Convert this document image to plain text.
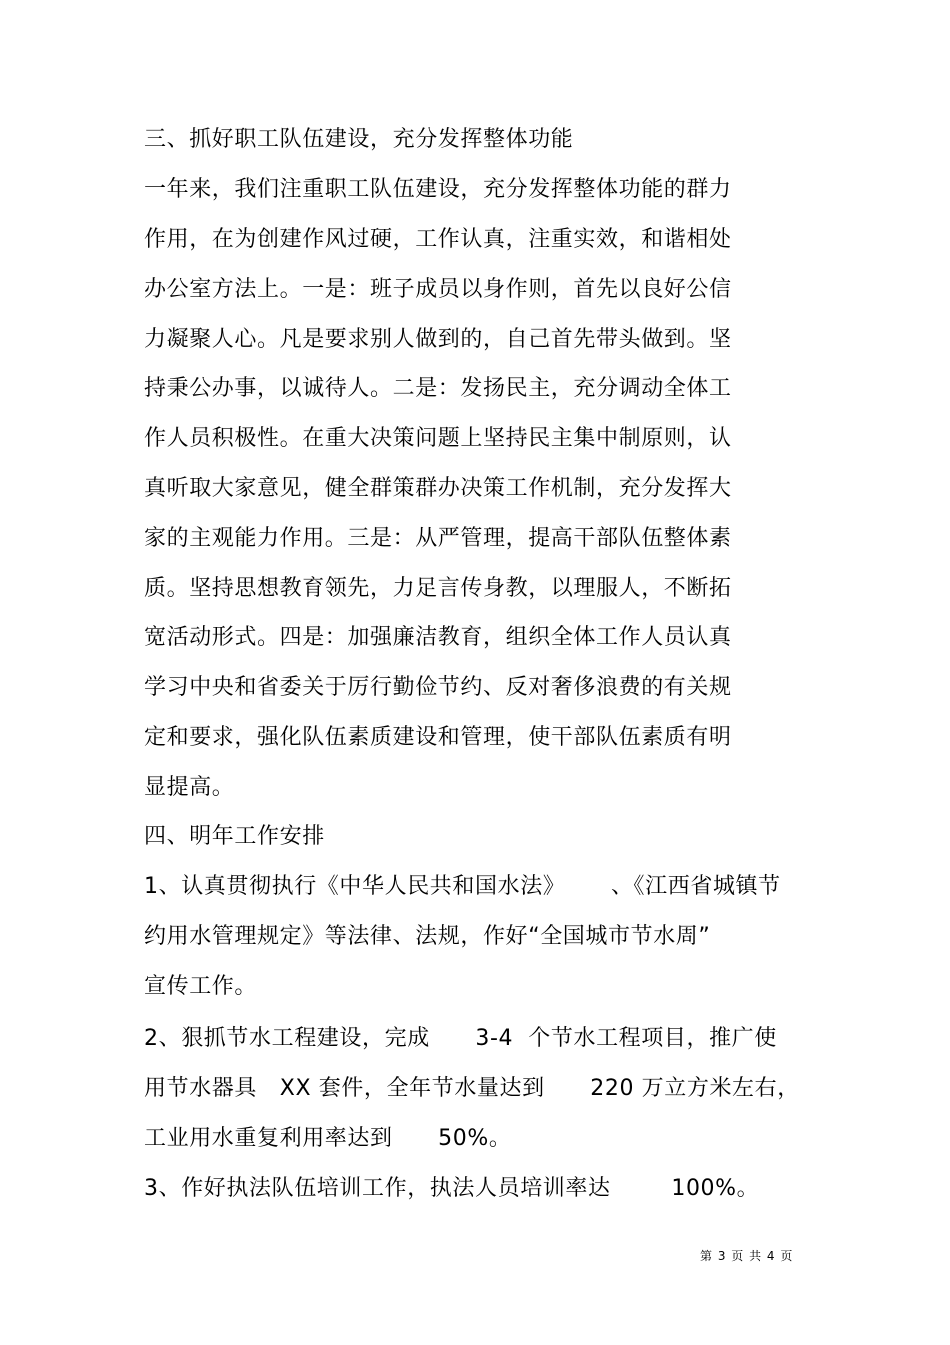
三、抓好职工队伍建设，充分发挥整体功能
一年来，我们注重职工队伍建设，充分发挥整体功能的群力
作用，在为创建作风过硬，工作认真，注重实效，和谐相处
办公室方法上。一是：班子成员以身作则，首先以良好公信
力凝聚人心。凡是要求别人做到的，自己首先带头做到。坚
持秉公办事，以诚待人。二是：发扬民主，充分调动全体工
作人员积极性。在重大决策问题上坚持民主集中制原则，认
真听取大家意见，健全群策群办决策工作机制，充分发挥大
家的主观能力作用。三是：从严管理，提高干部队伍整体素
质。坚持思想教育领先，力足言传身教，以理服人，不断拓
宽活动形式。四是：加强廉洁教育，组织全体工作人员认真
学习中央和省委关于厉行勤俭节约、反对奢侈浪费的有关规
定和要求，强化队伍素质建设和管理，使干部队伍素质有明
显提高。
四、明年工作安排
1、认真贯彻执行《中华人民共和国水法》      、《江西省城镇节
约用水管理规定》等法律、法规，作好“全国城市节水周”
宣传工作。
2、狠抓节水工程建设，完成      3-4  个节水工程项目，推广使
用节水器具   XX 套件，全年节水量达到      220 万立方米左右，
工业用水重复利用率达到      50%。
3、作好执法队伍培训工作，执法人员培训率达        100%。
第 3 页 共 4 页
